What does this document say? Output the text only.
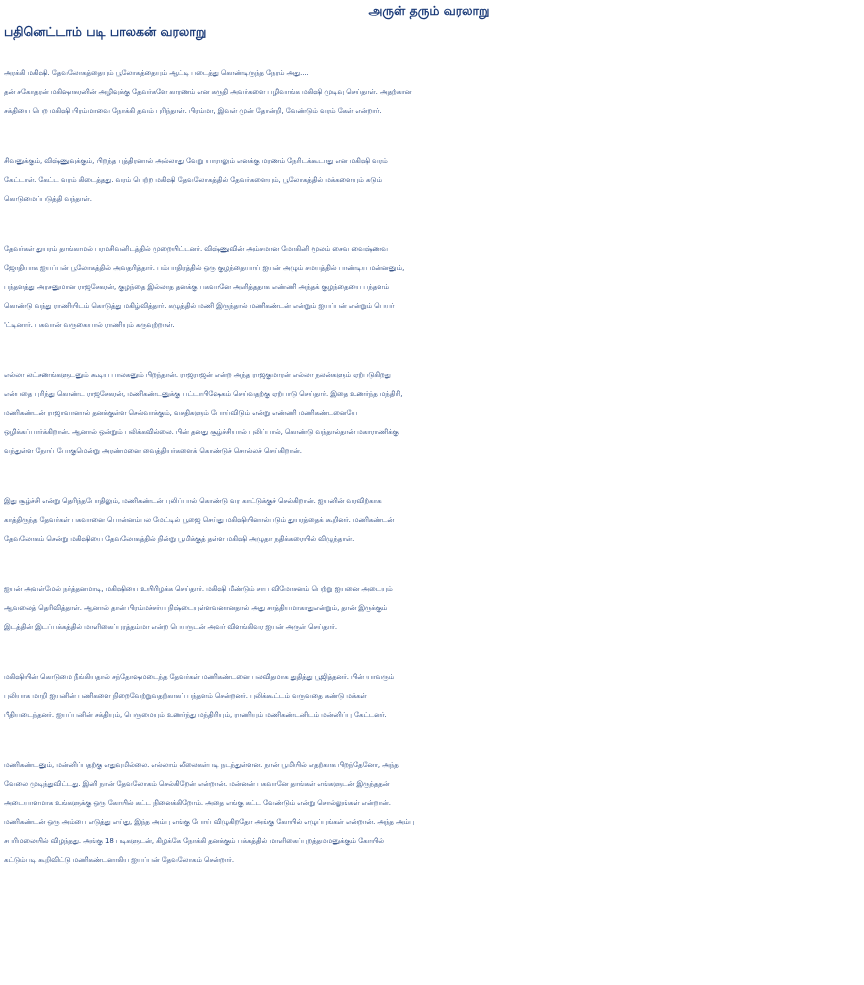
அருள் தரும் வரலாறு
பதினெட்டாம் படி பாலகன் வரலாறு
அரக்கி மகிஷி. தேவலோகத்தையும் பூலோகத்தையும் ஆட்டி படைத்து கொண்டிருந்த நேரம் அது....
தன் சகோதரன் மகிஷாசுரனின் அழிவுக்கு தேவர்களே காரணம் என கருதி அவர்களை பழிவாங்க மகிஷி முடிவு செய்தாள். அதற்கான
சக்தியை பெற மகிஷி பிரம்மாவை நோக்கி தவம் புரிந்தாள். பிரம்மா, இவள் முன் தோன்றி, வேண்டும் வரம் கேள் என்றார்.
சிவனுக்கும், விஷ்ணுவுக்கும், பிறந்த புத்திரனால் அல்லாது வேறு யாராலும் எனக்கு மரணம் நேரிடக்கூடாது என மகிஷி வரம்
கேட்டாள். கேட்ட வரம் கிடைத்தது. வரம் பெற்ற மகிஷி தேவலோகத்தில் தேவர்களையும், பூலோகத்தில் மக்களையும் கடும்
கொடுமைப்படுத்தி வந்தாள்.
தேவர்கள் துயரம் தாங்காமல் பரமசிவனிடத்தில் முறையிட்டனர். விஷ்ணுவின் அம்சமான மோகினி மூலம் சைவ வைஷ்ணவ
ஜோதியாக ஐயப்பன் பூலோகத்தில் அவதரித்தார். பம்பாதிரத்தில் ஒரு குழந்தையாய் ஐயன் அழும் சமயத்தில் பாண்டிய மன்னனும்,
பந்தளத்து அரசனுமான ராஜசேகரன், குழந்தை இல்லாத தனக்கு பகவானே அளித்ததாக எண்ணி அந்தக் குழந்தையை பந்தளம்
கொண்டு வந்து ராணியிடம் கொடுத்து மகிழ்வித்தார். கழுத்தில் மணி இருந்தால் மணிகண்டன் என்றும் ஐயப்பன் என்றும் பெயர்
'ட்டினார். பகவான் வருகையால் ராணியும் கருவுற்றாள்.
எல்லா லட்சணங்களுடனும் கூடிய பாலகனும் பிறந்தான். ராஜராஜன் என்ற அந்த ராஜகுமாரன் எல்லா நலன்களும் ஏற்படுகிறது
என்பதை புரிந்து கொண்ட ராஜசேகரன், மணிகண்டனுக்கு பட்டாபிஷேகம் செய்வதற்கு ஏற்பாடு செய்தார். இதை உணர்ந்த மந்திரி,
மணிகண்டன் ராஜாவானால் தனக்குள்ள செல்வாக்கும், வசதிகளும் போய்விடும் என்று எண்ணி மணிகண்டனையே
ஒழிக்கப்பார்க்கிறான். ஆனால் ஒன்றும் பலிக்கவில்லை. பின் தனது சூழ்ச்சியால் புலிப்பால், கொண்டு வந்தால்தான் மகாராணிக்கு
வந்துள்ள நோய் போகுமென்று அரண்மனை வைத்தியர்களைக் கொண்டுச் சொல்லச் செய்கிறான்.
இது சூழ்ச்சி என்று தெரிந்தபோதிலும், மணிகண்டன் புலிப்பால் கொண்டு வர காட்டுக்குச் செல்கிறான். ஐயனின் வரவிற்காக
காத்திருந்த தேவர்கள் பகவானை பொன்னம்பல மேட்டில் பூஜை செய்து மகிஷியினால்படும் துயரத்தைக் கூறினர். மணிகண்டன்
தேவலோகம் சென்று மகிஷியை தேவலோகத்தில் நின்று பூமிக்குத் தள்ள மகிஷி அழுதா நதிக்கரையில் விழுந்தாள்.
ஐயன் அவள்மேல் நர்த்தனமாடி, மகிஷியை உயிரிழக்க செய்தார். மகிஷி மீண்டும் சாப விமோசனம் பெற்று ஐயனை அடையும்
ஆவலைத் தெரிவித்தாள். ஆனால் தான் பிரம்மச்சர்ய நிஷ்டையுள்ளவனானதால் அது சாத்தியமாகாதுஎன்றும், தான் இருக்கும்
இடத்தின் இடப்பக்கத்தில் மாளிகைப்புரத்தம்மா என்ற பெயருடன் அவர் விளங்கிவர ஐயன் அருள் செய்தார்.
மகிஷியின் கொடுமை நீங்கியதால் சந்தோஷமடைந்த தேவர்கள் மணிகண்டனை பலவிதமாக துதித்து பூஜித்தனர். பின் யாவரும்
புலியாக மாறி ஐயனின் பணிகளை நிறைவேற்றுவதற்காகப் பந்தளம் சென்றனர். புலிக்கூட்டம் வருவதை கண்டு மக்கள்
பீதியடைந்தனர். ஐயப்பனின் சக்தியும், பெருமையும் உணர்ந்து மந்திரியும், ராணியும் மணிகண்டனிடம் மன்னிப்பு கேட்டனர்.
மணிகண்டனும், மன்னிப்பதற்கு எதுவுமில்லை. எல்லாம் லீலைகள்படி நடந்துள்ளன. நான் பூமியில் எதற்காக பிறந்தேனோ, அந்த
வேலை முடிந்துவிட்டது. இனி நான் தேவலோகம் செல்கிறேன் என்றான். மன்னன் பகவானே தாங்கள் எங்களுடன் இருந்ததன்
அடையாளமாக உங்களுக்கு ஒரு கோயில் கட்ட நினைக்கிறோம். அதை எங்கு கட்ட வேண்டும் என்று சொல்லுங்கள் என்றான்.
மணிகண்டன் ஒரு அம்பை எடுத்து எய்து, இந்த அம்பு எங்கு போய் விழுகிறதோ அங்கு கோயில் எழுப்புங்கள் என்றான். அந்த அம்பு
சபரிமலையில் விழந்தது. அங்கு 18 படிகளுடன், கிழக்கே நோக்கி தனக்கும் பக்கத்தில் மாளிகைப்புறத்தமமனுக்கும் கோயில்
கட்டும்படி கூறிவிட்டு மணிகண்டனாகிய ஐயப்பன் தேவலோகம் சென்றார்.
